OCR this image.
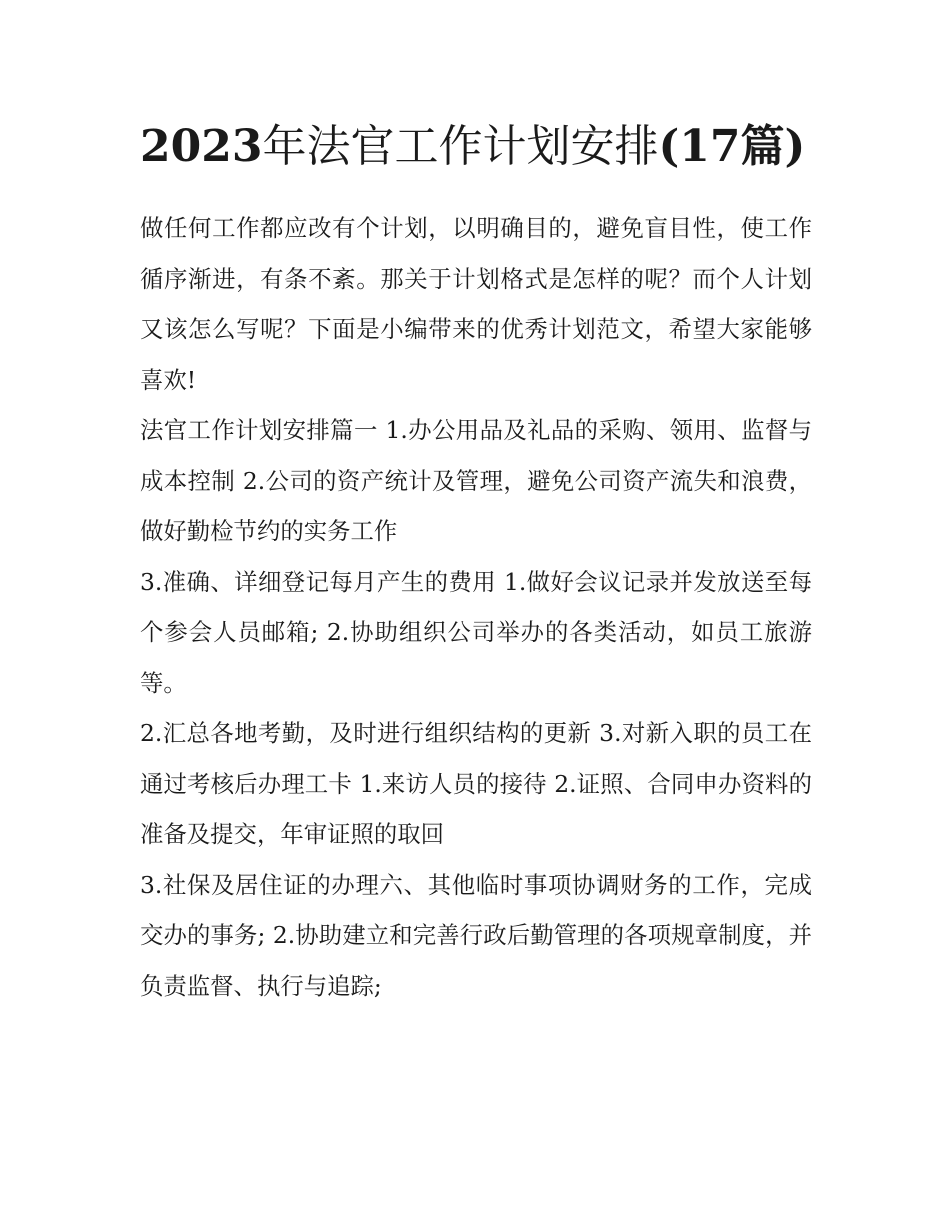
2023年法官工作计划安排(17篇)

做任何工作都应改有个计划，以明确目的，避免盲目性，使工作循序渐进，有条不紊。那关于计划格式是怎样的呢？而个人计划又该怎么写呢？下面是小编带来的优秀计划范文，希望大家能够喜欢!

法官工作计划安排篇一 1.办公用品及礼品的采购、领用、监督与成本控制 2.公司的资产统计及管理，避免公司资产流失和浪费，做好勤检节约的实务工作

3.准确、详细登记每月产生的费用 1.做好会议记录并发放送至每个参会人员邮箱; 2.协助组织公司举办的各类活动，如员工旅游等。

2.汇总各地考勤，及时进行组织结构的更新 3.对新入职的员工在通过考核后办理工卡 1.来访人员的接待 2.证照、合同申办资料的准备及提交，年审证照的取回

3.社保及居住证的办理六、其他临时事项协调财务的工作，完成交办的事务; 2.协助建立和完善行政后勤管理的各项规章制度，并负责监督、执行与追踪;
